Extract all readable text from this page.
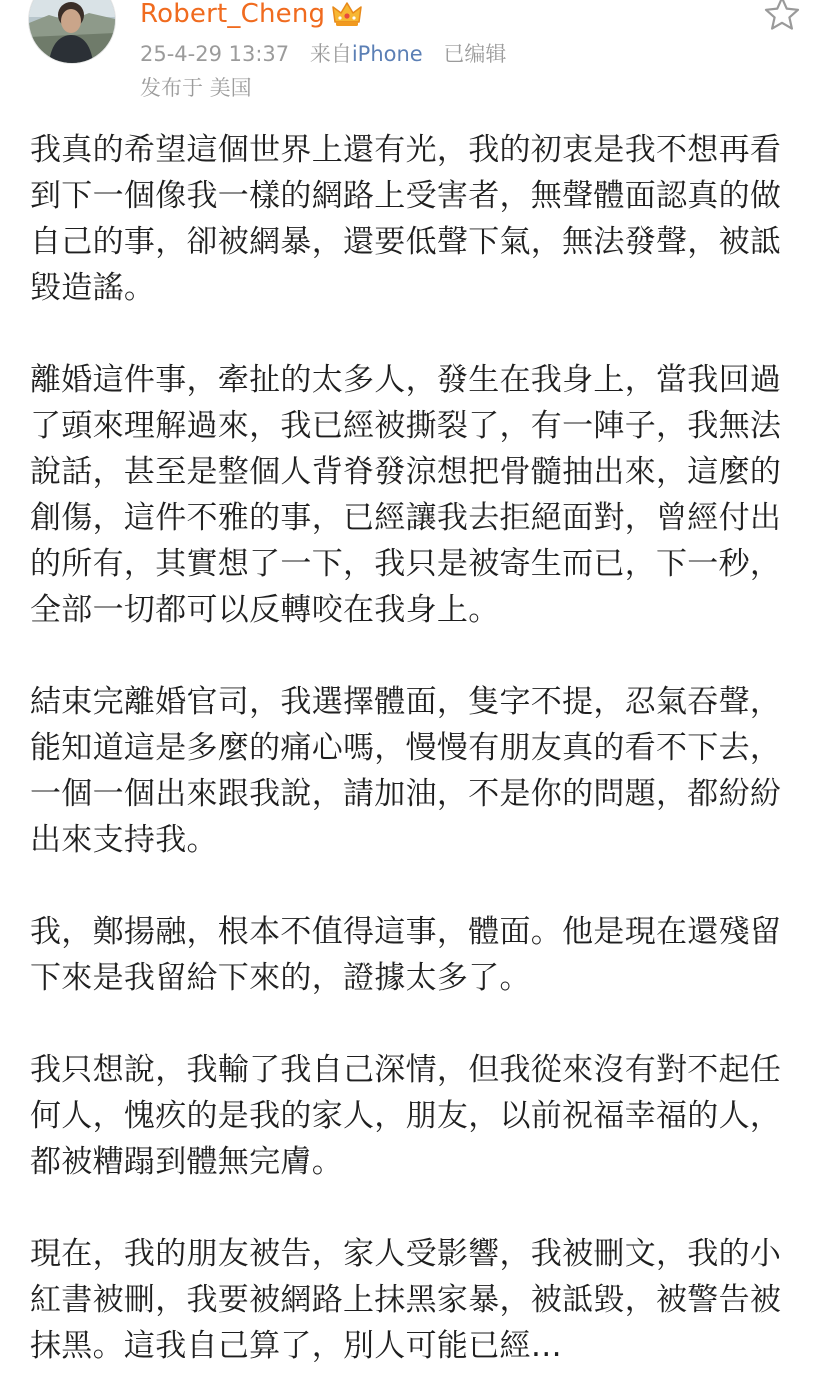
Robert_Cheng
25-4-29 13:37 来自iPhone 已编辑
发布于 美国

我真的希望這個世界上還有光，我的初衷是我不想再看
到下一個像我一樣的網路上受害者，無聲體面認真的做
自己的事，卻被網暴，還要低聲下氣，無法發聲，被詆
毀造謠。

離婚這件事，牽扯的太多人，發生在我身上，當我回過
了頭來理解過來，我已經被撕裂了，有一陣子，我無法
說話，甚至是整個人背脊發涼想把骨髓抽出來，這麼的
創傷，這件不雅的事，已經讓我去拒絕面對，曾經付出
的所有，其實想了一下，我只是被寄生而已，下一秒，
全部一切都可以反轉咬在我身上。

結束完離婚官司，我選擇體面，隻字不提，忍氣吞聲，
能知道這是多麼的痛心嗎，慢慢有朋友真的看不下去，
一個一個出來跟我說，請加油，不是你的問題，都紛紛
出來支持我。

我，鄭揚融，根本不值得這事，體面。他是現在還殘留
下來是我留給下來的，證據太多了。

我只想說，我輸了我自己深情，但我從來沒有對不起任
何人，愧疚的是我的家人，朋友，以前祝福幸福的人，
都被糟蹋到體無完膚。

現在，我的朋友被告，家人受影響，我被刪文，我的小
紅書被刪，我要被網路上抹黑家暴，被詆毀，被警告被
抹黑。這我自己算了，別人可能已經…
